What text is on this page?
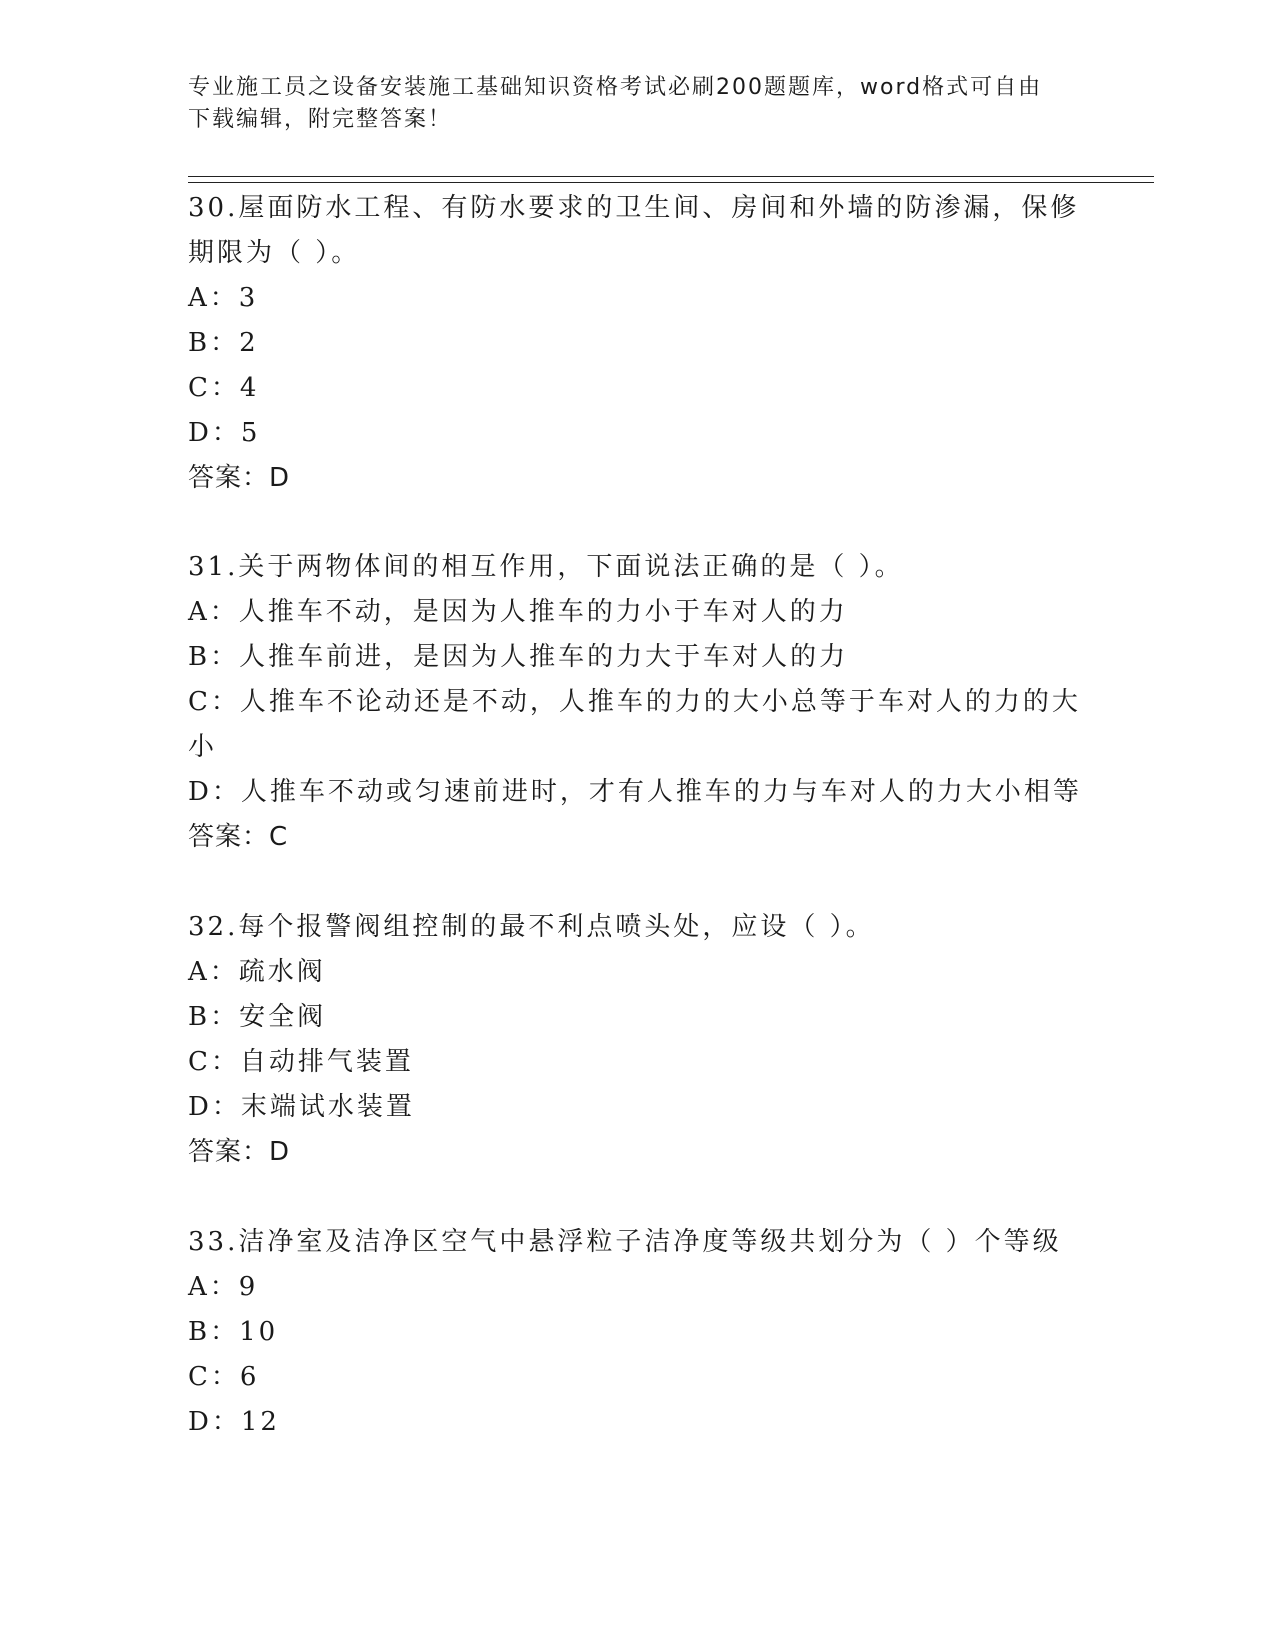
专业施工员之设备安装施工基础知识资格考试必刷200题题库，word格式可自由
下载编辑，附完整答案！

30.屋面防水工程、有防水要求的卫生间、房间和外墙的防渗漏，保修期限为（ ）。

A：3

B：2

C：4

D：5

答案：D

31.关于两物体间的相互作用，下面说法正确的是（ ）。

A：人推车不动，是因为人推车的力小于车对人的力

B：人推车前进，是因为人推车的力大于车对人的力

C：人推车不论动还是不动，人推车的力的大小总等于车对人的力的大小

D：人推车不动或匀速前进时，才有人推车的力与车对人的力大小相等

答案：C

32.每个报警阀组控制的最不利点喷头处，应设（ ）。

A：疏水阀

B：安全阀

C：自动排气装置

D：末端试水装置

答案：D

33.洁净室及洁净区空气中悬浮粒子洁净度等级共划分为（ ）个等级

A：9

B：10

C：6

D：12
